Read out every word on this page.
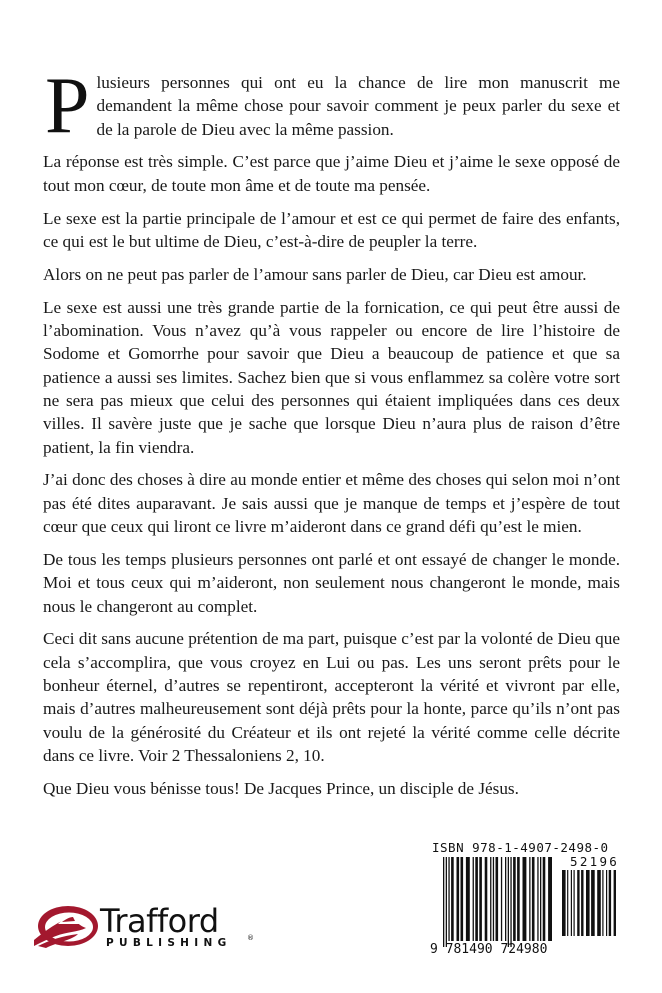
Plusieurs personnes qui ont eu la chance de lire mon manuscrit me demandent la même chose pour savoir comment je peux parler du sexe et de la parole de Dieu avec la même passion.

La réponse est très simple. C’est parce que j’aime Dieu et j’aime le sexe opposé de tout mon cœur, de toute mon âme et de toute ma pensée.

Le sexe est la partie principale de l’amour et est ce qui permet de faire des enfants, ce qui est le but ultime de Dieu, c’est-à-dire de peupler la terre.

Alors on ne peut pas parler de l’amour sans parler de Dieu, car Dieu est amour.

Le sexe est aussi une très grande partie de la fornication, ce qui peut être aussi de l’abomination. Vous n’avez qu’à vous rappeler ou encore de lire l’histoire de Sodome et Gomorrhe pour savoir que Dieu a beaucoup de patience et que sa patience a aussi ses limites. Sachez bien que si vous enflammez sa colère votre sort ne sera pas mieux que celui des personnes qui étaient impliquées dans ces deux villes. Il savère juste que je sache que lorsque Dieu n’aura plus de raison d’être patient, la fin viendra.

J’ai donc des choses à dire au monde entier et même des choses qui selon moi n’ont pas été dites auparavant. Je sais aussi que je manque de temps et j’espère de tout cœur que ceux qui liront ce livre m’aideront dans ce grand défi qu’est le mien.

De tous les temps plusieurs personnes ont parlé et ont essayé de changer le monde. Moi et tous ceux qui m’aideront, non seulement nous changeront le monde, mais nous le changeront au complet.

Ceci dit sans aucune prétention de ma part, puisque c’est par la volonté de Dieu que cela s’accomplira, que vous croyez en Lui ou pas. Les uns seront prêts pour le bonheur éternel, d’autres se repentiront, accepteront la vérité et vivront par elle, mais d’autres malheureusement sont déjà prêts pour la honte, parce qu’ils n’ont pas voulu de la générosité du Créateur et ils ont rejeté la vérité comme celle décrite dans ce livre. Voir 2 Thessaloniens 2, 10.

Que Dieu vous bénisse tous! De Jacques Prince, un disciple de Jésus.

ISBN 978-1-4907-2498-0
52196
9 781490 724980
Trafford
PUBLISHING ®
